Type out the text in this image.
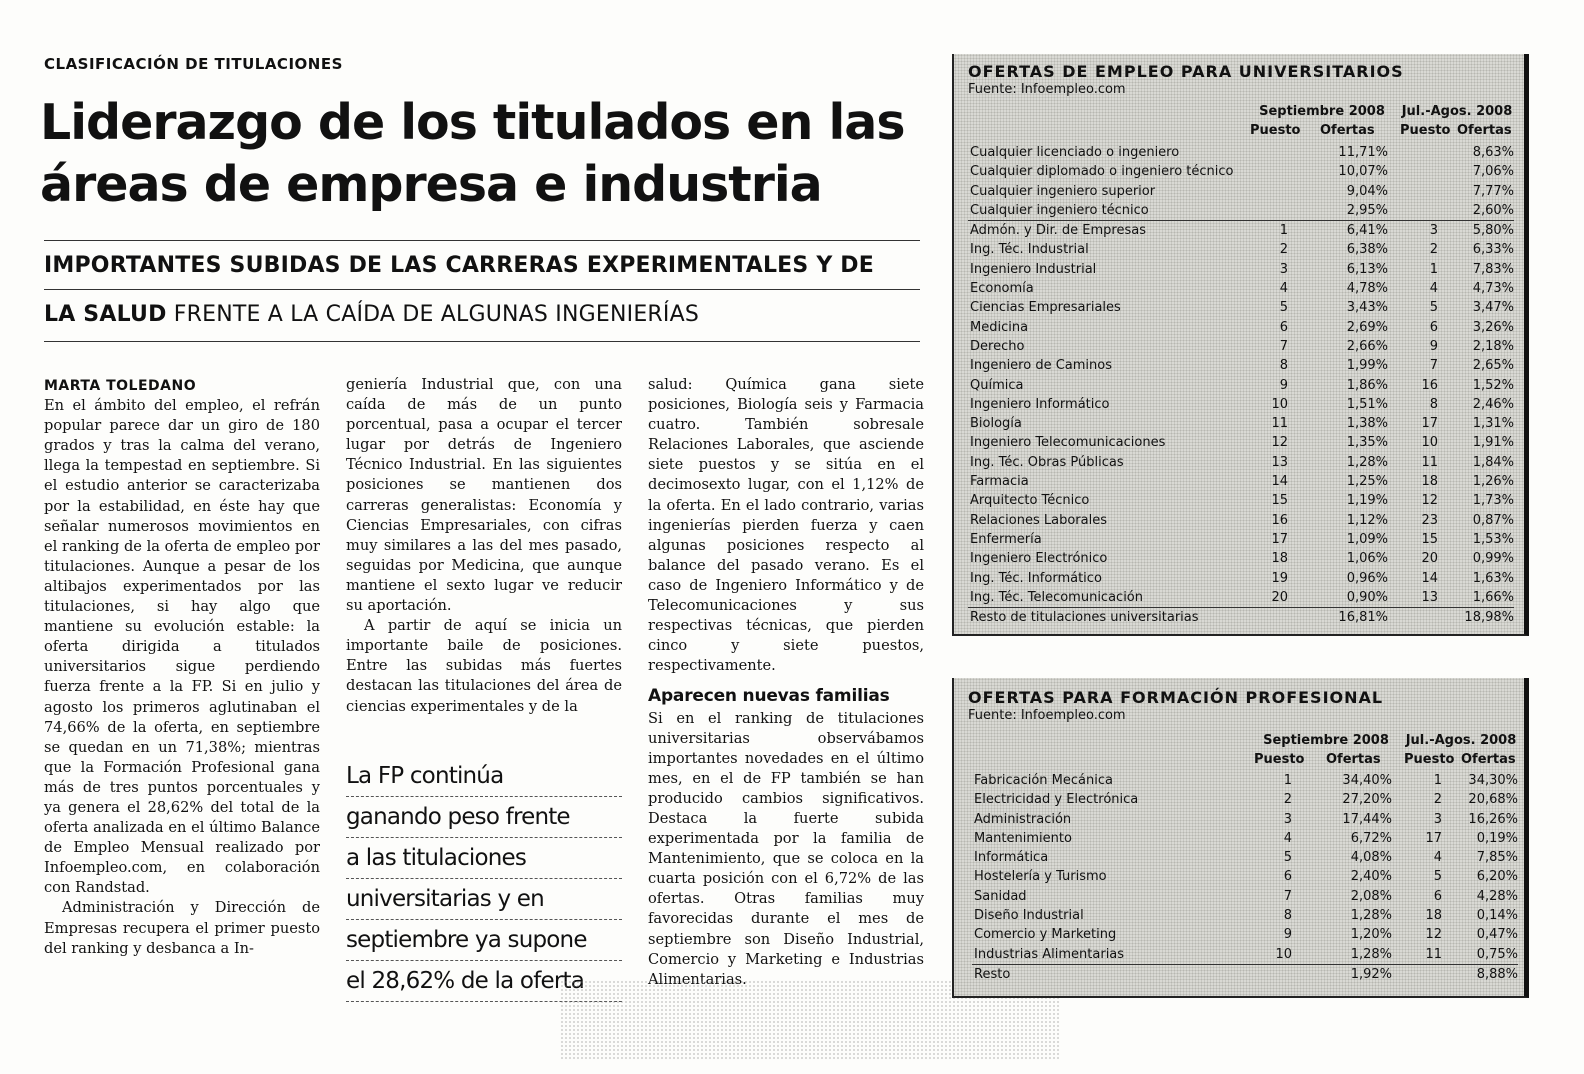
CLASIFICACIÓN DE TITULACIONES
Liderazgo de los titulados en las
áreas de empresa e industria
IMPORTANTES SUBIDAS DE LAS CARRERAS EXPERIMENTALES Y DE
LA SALUD FRENTE A LA CAÍDA DE ALGUNAS INGENIERÍAS
MARTA TOLEDANO

En el ámbito del empleo, el refrán popular parece dar un giro de 180 grados y tras la calma del verano, llega la tempestad en septiembre. Si el estudio anterior se caracterizaba por la estabilidad, en éste hay que señalar numerosos movimientos en el ranking de la oferta de empleo por titulaciones. Aunque a pesar de los altibajos experimentados por las titulaciones, si hay algo que mantiene su evolución estable: la oferta dirigida a titulados universitarios sigue perdiendo fuerza frente a la FP. Si en julio y agosto los primeros aglutinaban el 74,66% de la oferta, en septiembre se quedan en un 71,38%; mientras que la Formación Profesional gana más de tres puntos porcentuales y ya genera el 28,62% del total de la oferta analizada en el último Balance de Empleo Mensual realizado por Infoempleo.com, en colaboración con Randstad.

Administración y Dirección de Empresas recupera el primer puesto del ranking y desbanca a In-

geniería Industrial que, con una caída de más de un punto porcentual, pasa a ocupar el tercer lugar por detrás de Ingeniero Técnico Industrial. En las siguientes posiciones se mantienen dos carreras generalistas: Economía y Ciencias Empresariales, con cifras muy similares a las del mes pasado, seguidas por Medicina, que aunque mantiene el sexto lugar ve reducir su aportación.

A partir de aquí se inicia un importante baile de posiciones. Entre las subidas más fuertes destacan las titulaciones del área de ciencias experimentales y de la

La FP continúa
ganando peso frente
a las titulaciones
universitarias y en
septiembre ya supone
el 28,62% de la oferta

salud: Química gana siete posiciones, Biología seis y Farmacia cuatro. También sobresale Relaciones Laborales, que asciende siete puestos y se sitúa en el decimosexto lugar, con el 1,12% de la oferta. En el lado contrario, varias ingenierías pierden fuerza y caen algunas posiciones respecto al balance del pasado verano. Es el caso de Ingeniero Informático y de Telecomunicaciones y sus respectivas técnicas, que pierden cinco y siete puestos, respectivamente.

Aparecen nuevas familias

Si en el ranking de titulaciones universitarias observábamos importantes novedades en el último mes, en el de FP también se han producido cambios significativos. Destaca la fuerte subida experimentada por la familia de Mantenimiento, que se coloca en la cuarta posición con el 6,72% de las ofertas. Otras familias muy favorecidas durante el mes de septiembre son Diseño Industrial, Comercio y Marketing e Industrias Alimentarias.

OFERTAS DE EMPLEO PARA UNIVERSITARIOS
Fuente: Infoempleo.com
Septiembre 2008	Jul.-Agos. 2008
Puesto Ofertas Puesto Ofertas
Cualquier licenciado o ingeniero		11,71%		8,63%
Cualquier diplomado o ingeniero técnico		10,07%		7,06%
Cualquier ingeniero superior		9,04%		7,77%
Cualquier ingeniero técnico		2,95%		2,60%
Admón. y Dir. de Empresas	1	6,41%	3	5,80%
Ing. Téc. Industrial	2	6,38%	2	6,33%
Ingeniero Industrial	3	6,13%	1	7,83%
Economía	4	4,78%	4	4,73%
Ciencias Empresariales	5	3,43%	5	3,47%
Medicina	6	2,69%	6	3,26%
Derecho	7	2,66%	9	2,18%
Ingeniero de Caminos	8	1,99%	7	2,65%
Química	9	1,86%	16	1,52%
Ingeniero Informático	10	1,51%	8	2,46%
Biología	11	1,38%	17	1,31%
Ingeniero Telecomunicaciones	12	1,35%	10	1,91%
Ing. Téc. Obras Públicas	13	1,28%	11	1,84%
Farmacia	14	1,25%	18	1,26%
Arquitecto Técnico	15	1,19%	12	1,73%
Relaciones Laborales	16	1,12%	23	0,87%
Enfermería	17	1,09%	15	1,53%
Ingeniero Electrónico	18	1,06%	20	0,99%
Ing. Téc. Informático	19	0,96%	14	1,63%
Ing. Téc. Telecomunicación	20	0,90%	13	1,66%
Resto de titulaciones universitarias		16,81%		18,98%
OFERTAS PARA FORMACIÓN PROFESIONAL
Fuente: Infoempleo.com
Septiembre 2008	Jul.-Agos. 2008
Puesto Ofertas Puesto Ofertas
Fabricación Mecánica	1	34,40%	1	34,30%
Electricidad y Electrónica	2	27,20%	2	20,68%
Administración	3	17,44%	3	16,26%
Mantenimiento	4	6,72%	17	0,19%
Informática	5	4,08%	4	7,85%
Hostelería y Turismo	6	2,40%	5	6,20%
Sanidad	7	2,08%	6	4,28%
Diseño Industrial	8	1,28%	18	0,14%
Comercio y Marketing	9	1,20%	12	0,47%
Industrias Alimentarias	10	1,28%	11	0,75%
Resto		1,92%		8,88%
